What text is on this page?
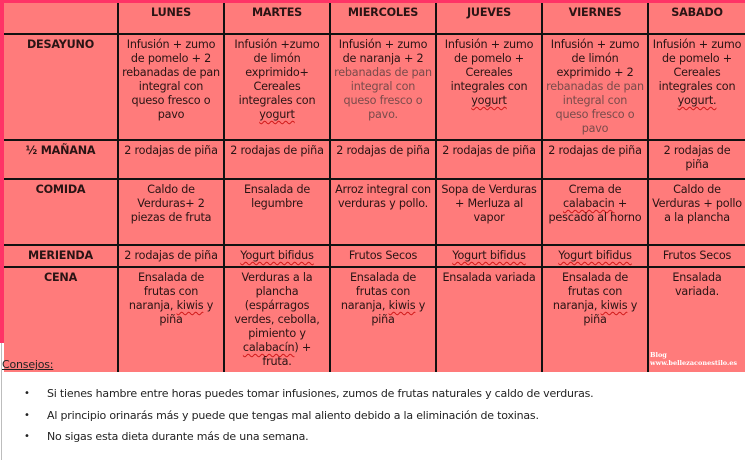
	LUNES	MARTES	MIERCOLES	JUEVES	VIERNES	SABADO
DESAYUNO	Infusión + zumo de pomelo + 2 rebanadas de pan integral con queso fresco o pavo	Infusión +zumo de limón exprimido+ Cereales integrales con yogurt	Infusión + zumo de naranja + 2 rebanadas de pan integral con queso fresco o pavo.	Infusión + zumo de pomelo + Cereales integrales con yogurt	Infusión + zumo de limón exprimido + 2 rebanadas de pan integral con queso fresco o pavo	Infusión + zumo de pomelo + Cereales integrales con yogurt.
½ MAÑANA	2 rodajas de piña	2 rodajas de piña	2 rodajas de piña	2 rodajas de piña	2 rodajas de piña	2 rodajas de piña
COMIDA	Caldo de Verduras+ 2 piezas de fruta	Ensalada de legumbre	Arroz integral con verduras y pollo.	Sopa de Verduras + Merluza al vapor	Crema de calabacin + pescado al horno	Caldo de Verduras + pollo a la plancha
MERIENDA	2 rodajas de piña	Yogurt bifidus	Frutos Secos	Yogurt bifidus	Yogurt bifidus	Frutos Secos
CENA	Ensalada de frutas con naranja, kiwis y piña	Verduras a la plancha (espárragos verdes, cebolla, pimiento y calabacín) + fruta.	Ensalada de frutas con naranja, kiwis y piña	Ensalada variada	Ensalada de frutas con naranja, kiwis y piña	Ensalada variada.
Blog
www.bellezaconestilo.es
Consejos:
• Si tienes hambre entre horas puedes tomar infusiones, zumos de frutas naturales y caldo de verduras.
• Al principio orinarás más y puede que tengas mal aliento debido a la eliminación de toxinas.
• No sigas esta dieta durante más de una semana.
